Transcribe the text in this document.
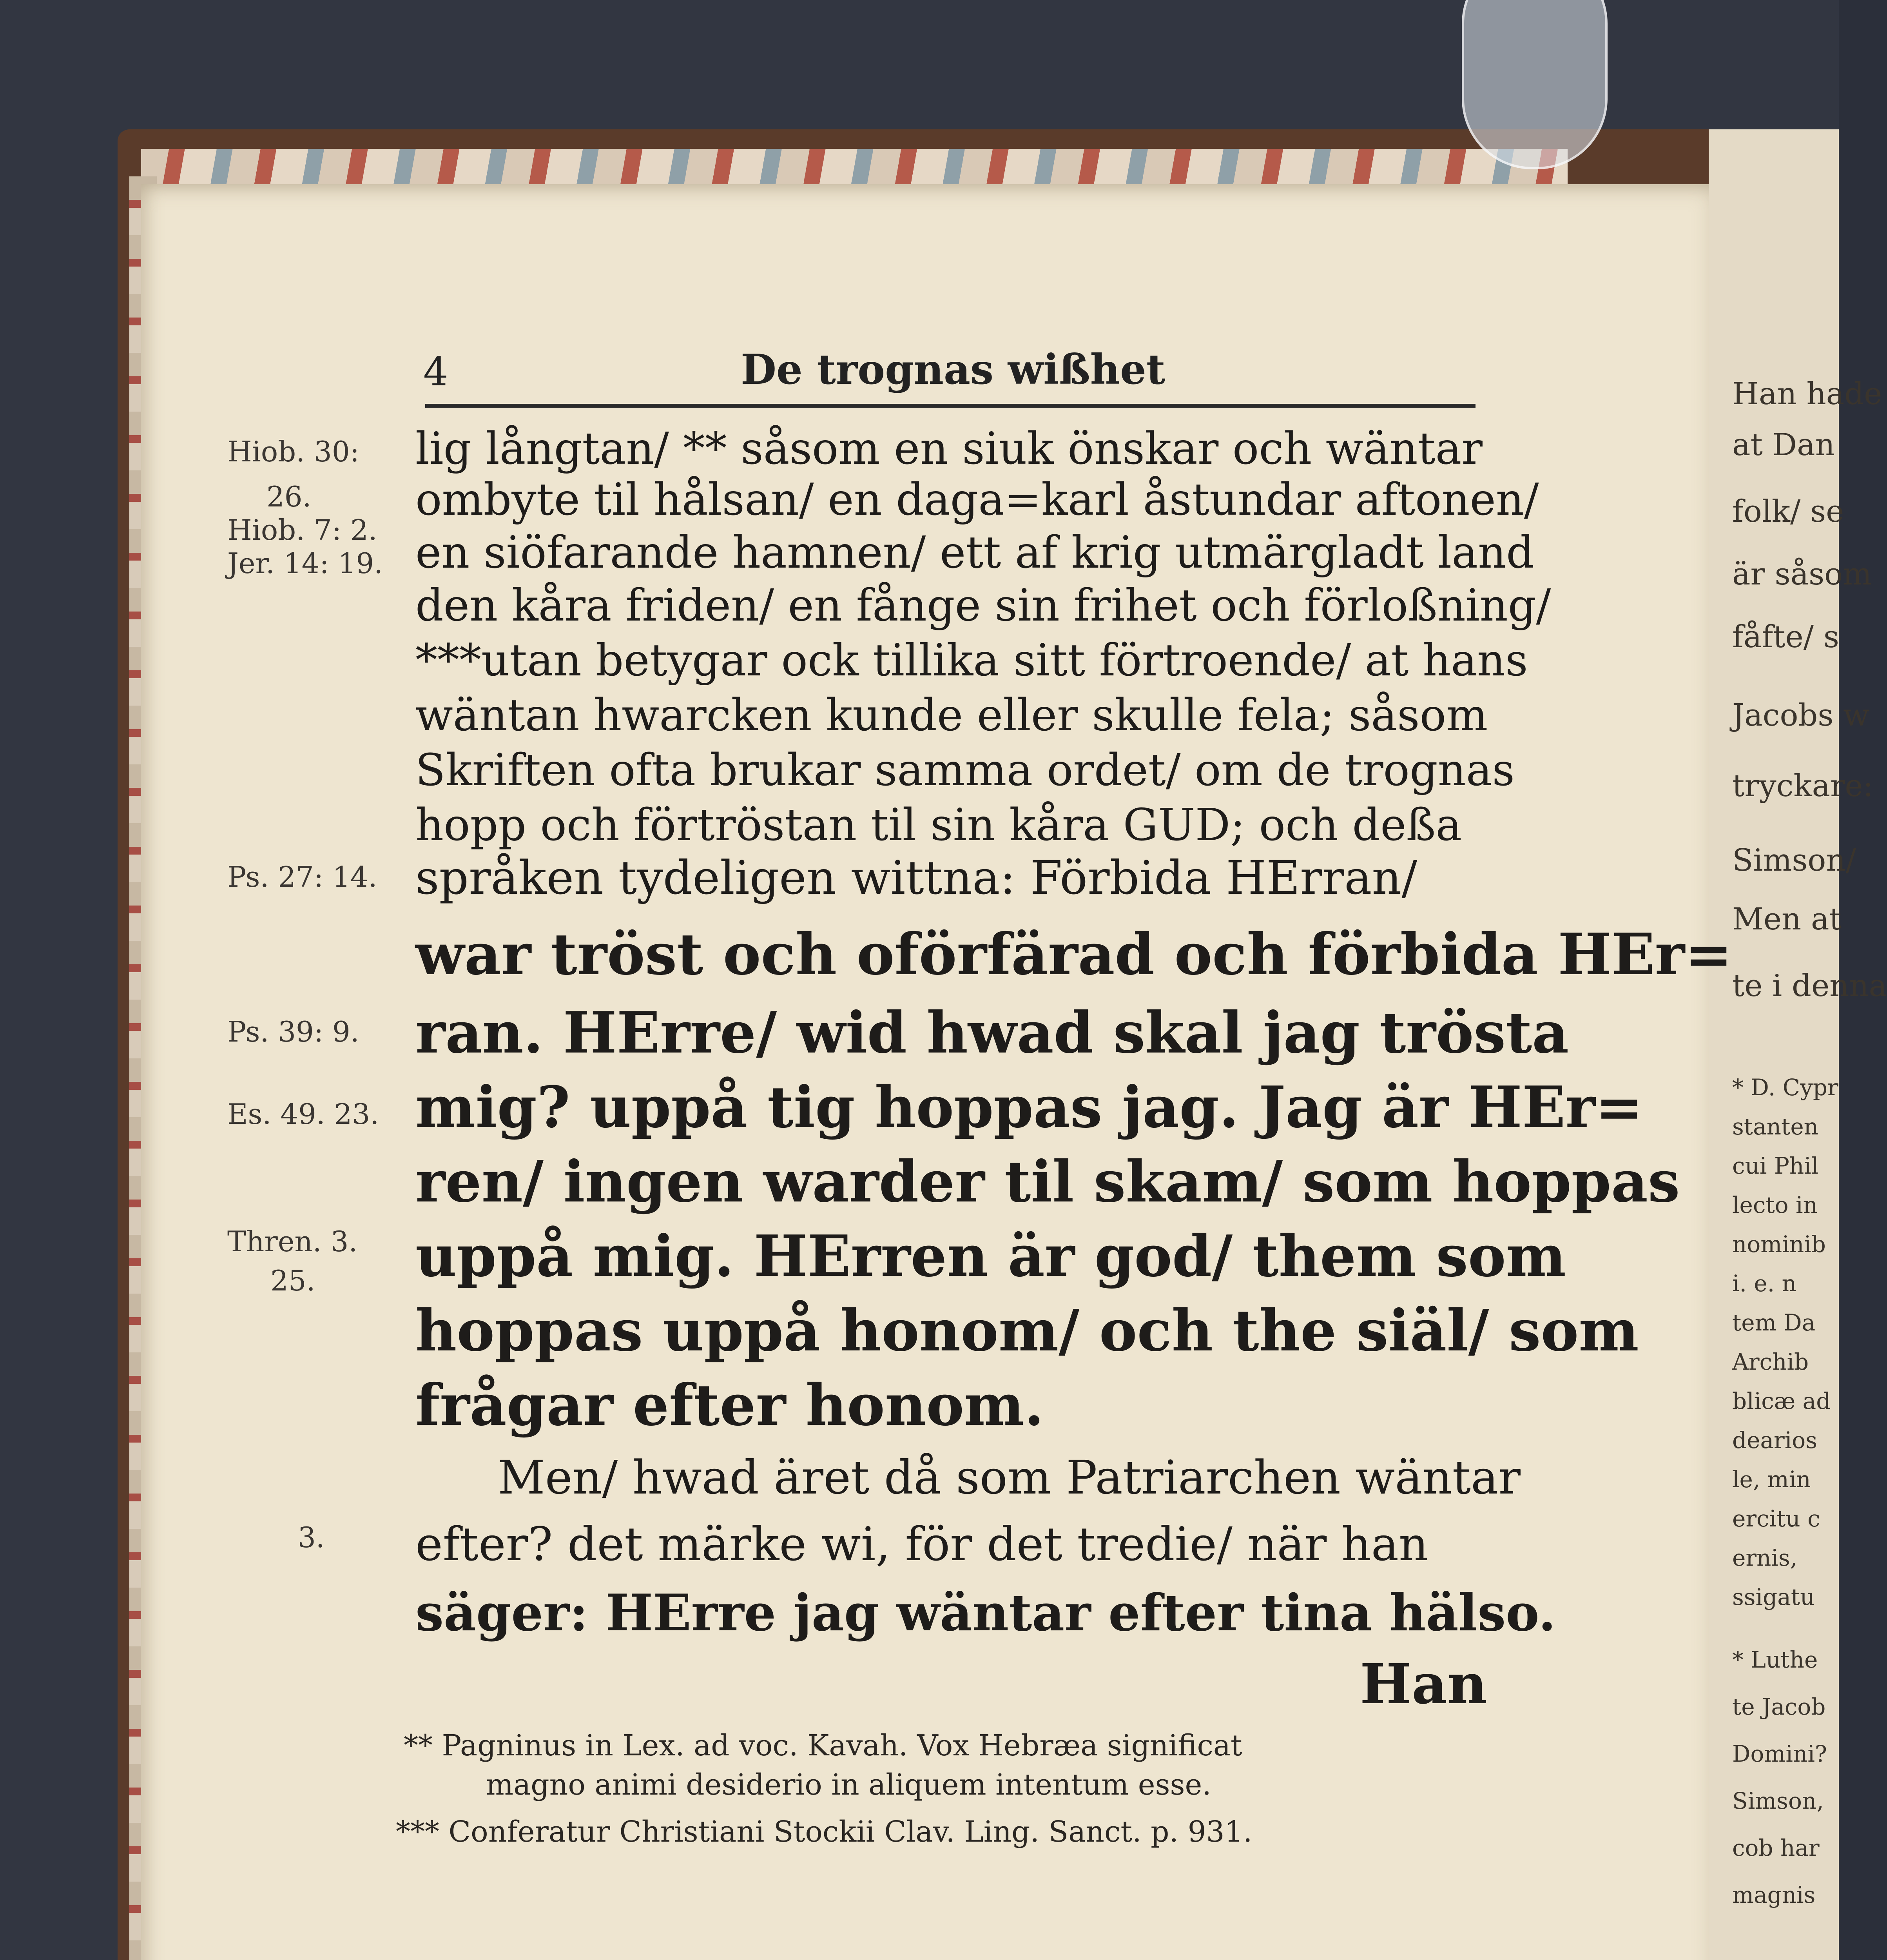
Han hade
at Dan
folk/ se
är såsom
fåfte/ s
Jacobs w
tryckare:
Simson/
Men at
te i denna
* D. Cypr
stanten
cui Phil
lecto in
nominib
i. e. n
tem Da
Archib
blicæ ad
dearios
le, min
ercitu c
ernis,
ssigatu
* Luthe
te Jacob
Domini?
Simson,
cob har
magnis
4	De trognas wißhet
Hiob. 30:
26.
Hiob. 7: 2.
Jer. 14: 19.
Ps. 27: 14.
Ps. 39: 9.
Es. 49. 23.
Thren. 3.
25.
3.
lig långtan/ ** såsom en siuk önskar och wäntar
ombyte til hålsan/ en daga=karl åstundar aftonen/
en siöfarande hamnen/ ett af krig utmärgladt land
den kåra friden/ en fånge sin frihet och förloßning/
***utan betygar ock tillika sitt förtroende/ at hans
wäntan hwarcken kunde eller skulle fela; såsom
Skriften ofta brukar samma ordet/ om de trognas
hopp och förtröstan til sin kåra GUD; och deßa
språken tydeligen wittna: Förbida HErran/
war tröst och oförfärad och förbida HEr=
ran. HErre/ wid hwad skal jag trösta
mig? uppå tig hoppas jag. Jag är HEr=
ren/ ingen warder til skam/ som hoppas
uppå mig. HErren är god/ them som
hoppas uppå honom/ och the siäl/ som
frågar efter honom.
Men/ hwad äret då som Patriarchen wäntar
efter? det märke wi, för det tredie/ när han
säger: HErre jag wäntar efter tina hälso.
Han
** Pagninus in Lex. ad voc. Kavah. Vox Hebræa significat
magno animi desiderio in aliquem intentum esse.
*** Conferatur Christiani Stockii Clav. Ling. Sanct. p. 931.
